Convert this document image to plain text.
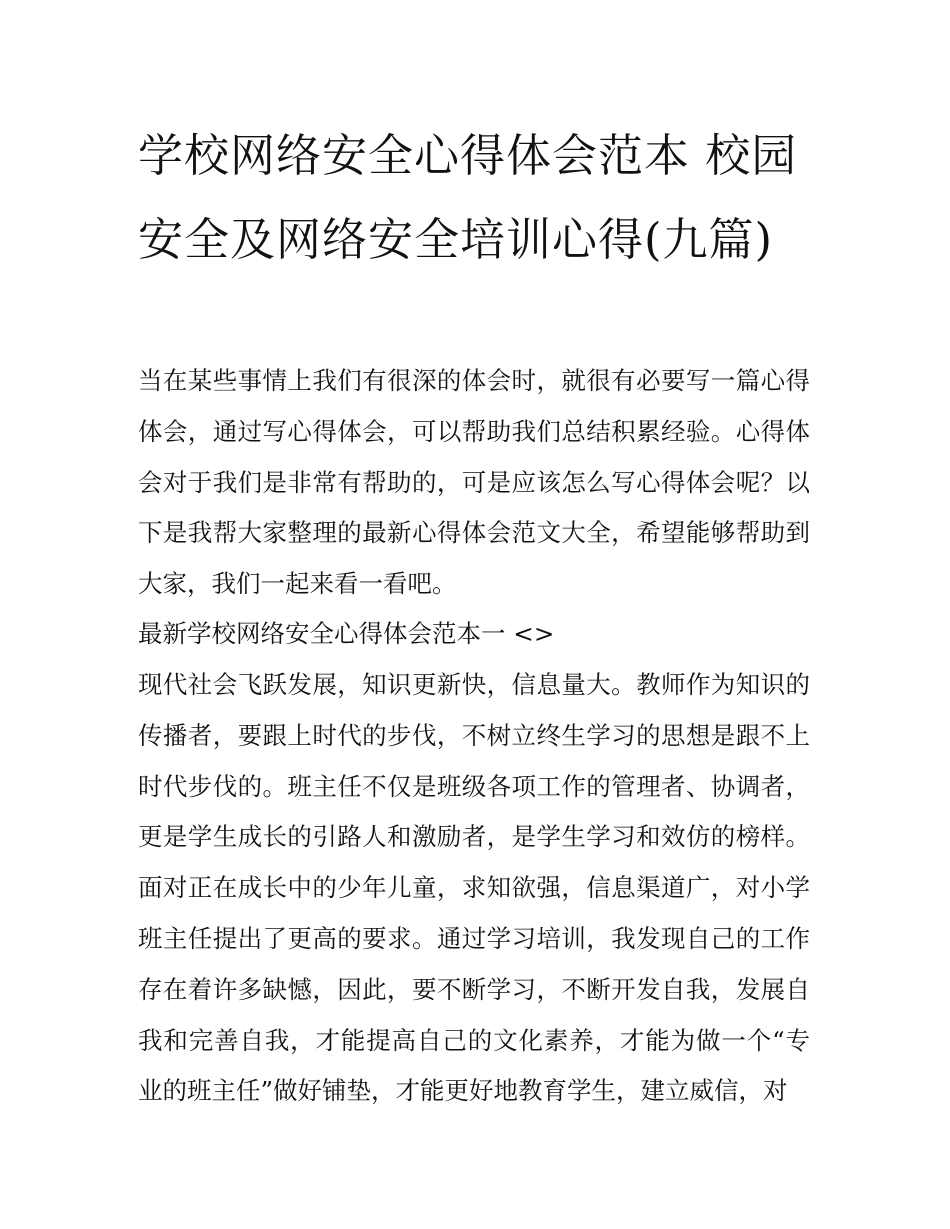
学校网络安全心得体会范本 校园安全及网络安全培训心得(九篇)

当在某些事情上我们有很深的体会时，就很有必要写一篇心得体会，通过写心得体会，可以帮助我们总结积累经验。心得体会对于我们是非常有帮助的，可是应该怎么写心得体会呢？以下是我帮大家整理的最新心得体会范文大全，希望能够帮助到大家，我们一起来看一看吧。

最新学校网络安全心得体会范本一 <>

现代社会飞跃发展，知识更新快，信息量大。教师作为知识的传播者，要跟上时代的步伐，不树立终生学习的思想是跟不上时代步伐的。班主任不仅是班级各项工作的管理者、协调者，更是学生成长的引路人和激励者，是学生学习和效仿的榜样。面对正在成长中的少年儿童，求知欲强，信息渠道广，对小学班主任提出了更高的要求。通过学习培训，我发现自己的工作存在着许多缺憾，因此，要不断学习，不断开发自我，发展自我和完善自我，才能提高自己的文化素养，才能为做一个“专业的班主任”做好铺垫，才能更好地教育学生，建立威信，对
